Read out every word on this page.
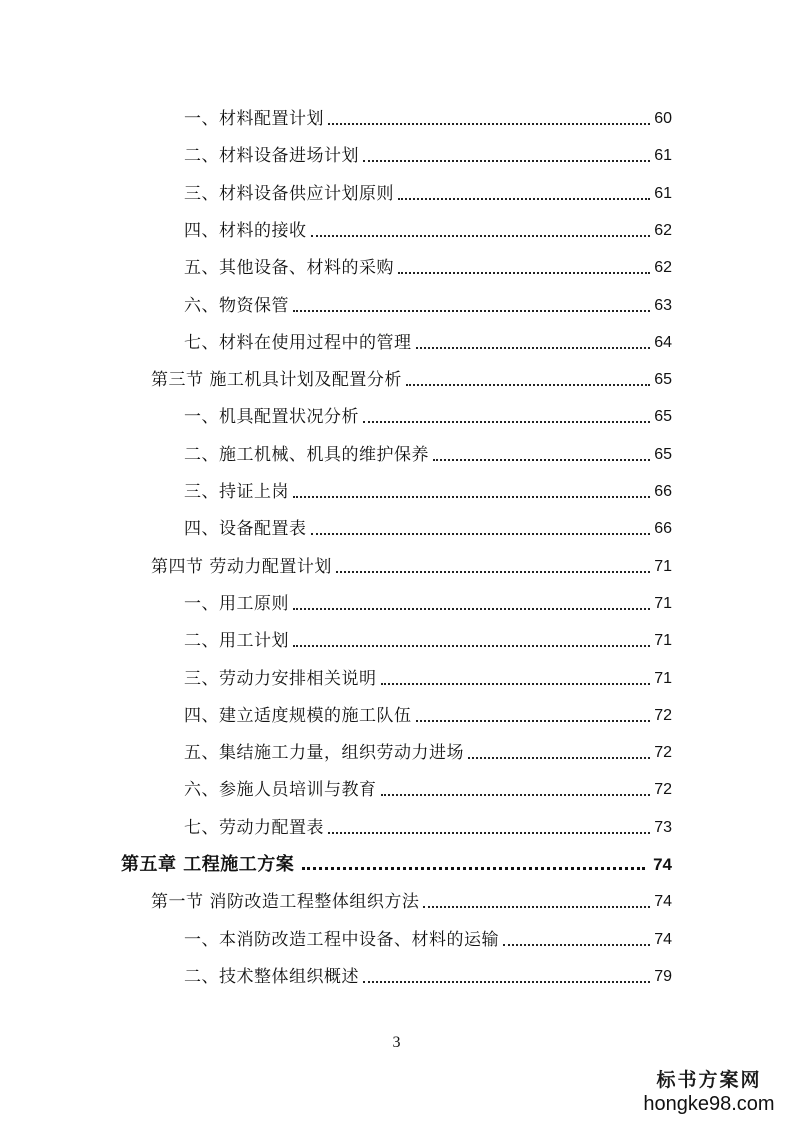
一、材料配置计划	60
二、材料设备进场计划	61
三、材料设备供应计划原则	61
四、材料的接收	62
五、其他设备、材料的采购	62
六、物资保管	63
七、材料在使用过程中的管理	64
第三节 施工机具计划及配置分析	65
一、机具配置状况分析	65
二、施工机械、机具的维护保养	65
三、持证上岗	66
四、设备配置表	66
第四节 劳动力配置计划	71
一、用工原则	71
二、用工计划	71
三、劳动力安排相关说明	71
四、建立适度规模的施工队伍	72
五、集结施工力量，组织劳动力进场	72
六、参施人员培训与教育	72
七、劳动力配置表	73
第五章 工程施工方案	74
第一节 消防改造工程整体组织方法	74
一、本消防改造工程中设备、材料的运输	74
二、技术整体组织概述	79
3
标书方案网
hongke98.com
